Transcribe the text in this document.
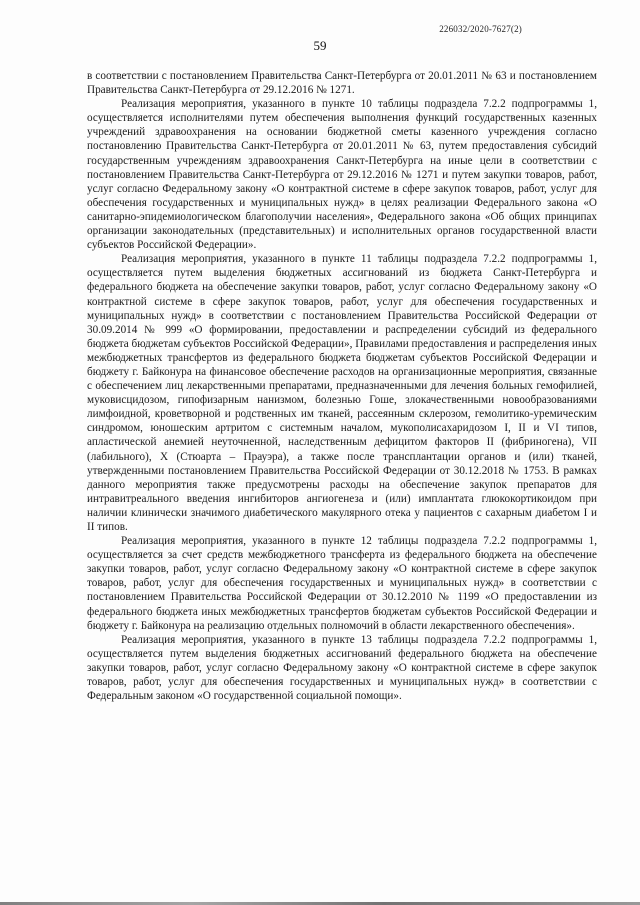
226032/2020-7627(2)
59

в соответствии с постановлением Правительства Санкт-Петербурга от 20.01.2011 № 63 и постановлением Правительства Санкт-Петербурга от 29.12.2016 № 1271.

Реализация мероприятия, указанного в пункте 10 таблицы подраздела 7.2.2 подпрограммы 1, осуществляется исполнителями путем обеспечения выполнения функций государственных казенных учреждений здравоохранения на основании бюджетной сметы казенного учреждения согласно постановлению Правительства Санкт-Петербурга от 20.01.2011 № 63, путем предоставления субсидий государственным учреждениям здравоохранения Санкт-Петербурга на иные цели в соответствии с постановлением Правительства Санкт-Петербурга от 29.12.2016 № 1271 и путем закупки товаров, работ, услуг согласно Федеральному закону «О контрактной системе в сфере закупок товаров, работ, услуг для обеспечения государственных и муниципальных нужд» в целях реализации Федерального закона «О санитарно-эпидемиологическом благополучии населения», Федерального закона «Об общих принципах организации законодательных (представительных) и исполнительных органов государственной власти субъектов Российской Федерации».

Реализация мероприятия, указанного в пункте 11 таблицы подраздела 7.2.2 подпрограммы 1, осуществляется путем выделения бюджетных ассигнований из бюджета Санкт-Петербурга и федерального бюджета на обеспечение закупки товаров, работ, услуг согласно Федеральному закону «О контрактной системе в сфере закупок товаров, работ, услуг для обеспечения государственных и муниципальных нужд» в соответствии с постановлением Правительства Российской Федерации от 30.09.2014 № 999 «О формировании, предоставлении и распределении субсидий из федерального бюджета бюджетам субъектов Российской Федерации», Правилами предоставления и распределения иных межбюджетных трансфертов из федерального бюджета бюджетам субъектов Российской Федерации и бюджету г. Байконура на финансовое обеспечение расходов на организационные мероприятия, связанные с обеспечением лиц лекарственными препаратами, предназначенными для лечения больных гемофилией, муковисцидозом, гипофизарным нанизмом, болезнью Гоше, злокачественными новообразованиями лимфоидной, кроветворной и родственных им тканей, рассеянным склерозом, гемолитико-уремическим синдромом, юношеским артритом с системным началом, мукополисахаридозом I, II и VI типов, апластической анемией неуточненной, наследственным дефицитом факторов II (фибриногена), VII (лабильного), X (Стюарта – Прауэра), а также после трансплантации органов и (или) тканей, утвержденными постановлением Правительства Российской Федерации от 30.12.2018 № 1753. В рамках данного мероприятия также предусмотрены расходы на обеспечение закупок препаратов для интравитреального введения ингибиторов ангиогенеза и (или) имплантата глюкокортикоидом при наличии клинически значимого диабетического макулярного отека у пациентов с сахарным диабетом I и II типов.

Реализация мероприятия, указанного в пункте 12 таблицы подраздела 7.2.2 подпрограммы 1, осуществляется за счет средств межбюджетного трансферта из федерального бюджета на обеспечение закупки товаров, работ, услуг согласно Федеральному закону «О контрактной системе в сфере закупок товаров, работ, услуг для обеспечения государственных и муниципальных нужд» в соответствии с постановлением Правительства Российской Федерации от 30.12.2010 № 1199 «О предоставлении из федерального бюджета иных межбюджетных трансфертов бюджетам субъектов Российской Федерации и бюджету г. Байконура на реализацию отдельных полномочий в области лекарственного обеспечения».

Реализация мероприятия, указанного в пункте 13 таблицы подраздела 7.2.2 подпрограммы 1, осуществляется путем выделения бюджетных ассигнований федерального бюджета на обеспечение закупки товаров, работ, услуг согласно Федеральному закону «О контрактной системе в сфере закупок товаров, работ, услуг для обеспечения государственных и муниципальных нужд» в соответствии с Федеральным законом «О государственной социальной помощи».
